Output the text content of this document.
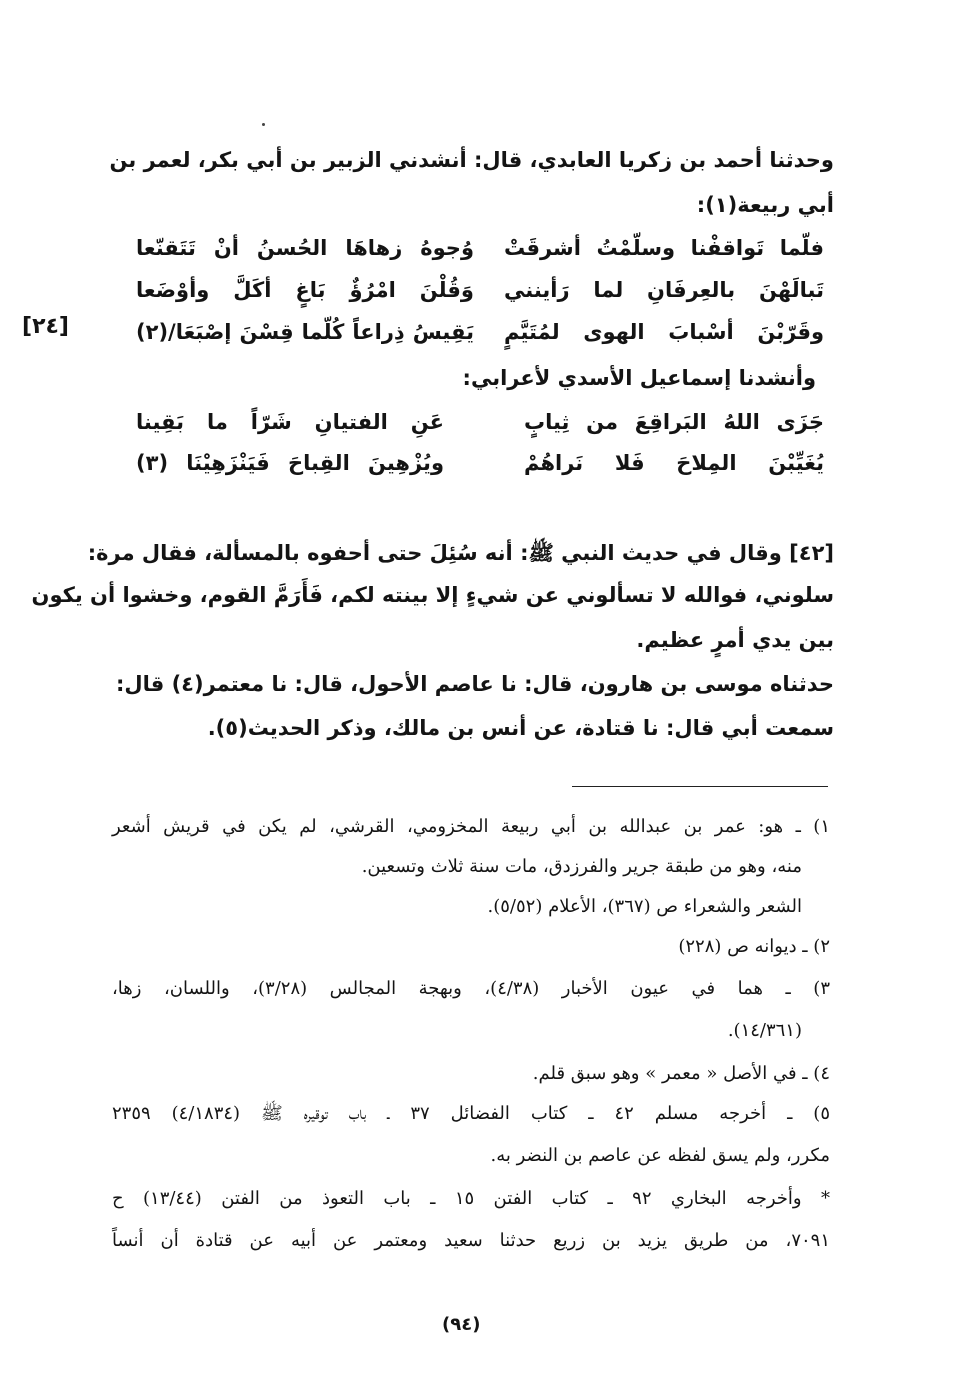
وحدثنا أحمد بن زكريا العابدي، قال: أنشدني الزبير بن أبي بكر، لعمر بن
أبي ربيعة(١):
فلّما تَواقفْنا وسلّمْتُ أشرقَتْ
وُجوهُ زهاهَا الحُسنُ أنْ تَتَقنّعا
تَبالَهْنَ بالعِرفَانِ لما رَأينني
وَقُلْنَ امْرُؤٌ بَاغٍ أكَلَّ وأوْضَعا
وقَرّبْنَ أسْبابَ الهوى لمُتَيَّمٍ
يَقِيسُ ذِراعاً كُلّما قِسْنَ إصْبَعَا/(٢)
[٢٤]
وأنشدنا إسماعيل الأسدي لأعرابي:
جَزَى اللهُ البَراقِعَ من ثِيابٍ
عَنِ الفتيانِ شَرّاً ما بَقِينا
يُغَيِّبْنَ المِلاحَ فَلا نَراهُمْ
ويُزْهِينَ القِباحَ فَيَنْزَهِيْنَا (٣)
[٤٢] وقال في حديث النبي ﷺ: أنه سُئِلَ حتى أحفوه بالمسألة، فقال مرة:
سلوني، فوالله لا تسألوني عن شيءٍ إلا بينته لكم، فَأَرَمَّ القوم، وخشوا أن يكون
بين يدي أمرٍ عظيم.
حدثناه موسى بن هارون، قال: نا عاصم الأحول، قال: نا معتمر(٤) قال:
سمعت أبي قال: نا قتادة، عن أنس بن مالك، وذكر الحديث(٥).
١) ـ هو: عمر بن عبدالله بن أبي ربيعة المخزومي، القرشي، لم يكن في قريش أشعر
منه، وهو من طبقة جرير والفرزدق، مات سنة ثلاث وتسعين.
الشعر والشعراء ص (٣٦٧)، الأعلام (٥/٥٢).
٢) ـ ديوانه ص (٢٢٨)
٣) ـ هما في عيون الأخبار (٤/٣٨)، وبهجة المجالس (٣/٢٨)، واللسان، زها،
(١٤/٣٦١).
٤) ـ في الأصل « معمر » وهو سبق قلم.
٥) ـ أخرجه مسلم ٤٢ ـ كتاب الفضائل ٣٧ ـ باب توقيره ﷺ (٤/١٨٣٤) ٢٣٥٩
مكرر، ولم يسق لفظه عن عاصم بن النضر به.
* وأخرجه البخاري ٩٢ ـ كتاب الفتن ١٥ ـ باب التعوذ من الفتن (١٣/٤٤) ح
٧٠٩١، من طريق يزيد بن زريع حدثنا سعيد ومعتمر عن أبيه عن قتادة أن أنساً
(٩٤)
